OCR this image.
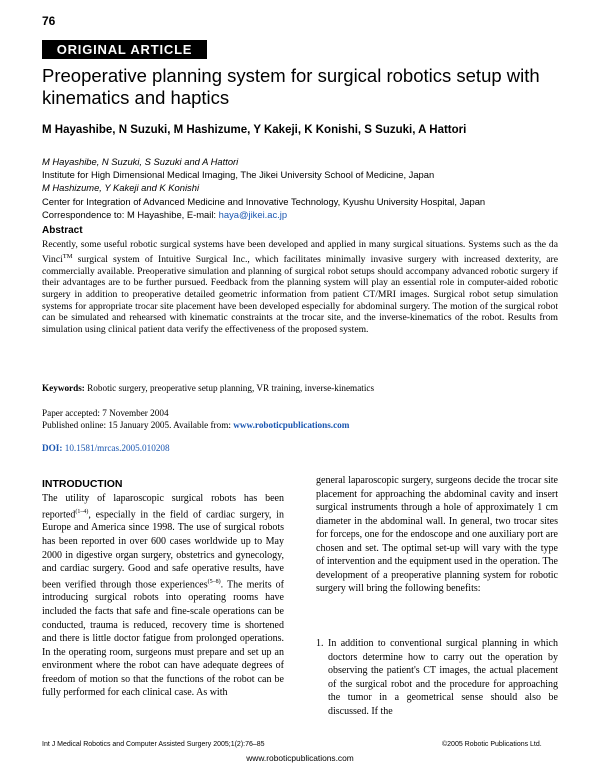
76
ORIGINAL ARTICLE
Preoperative planning system for surgical robotics setup with kinematics and haptics
M Hayashibe, N Suzuki, M Hashizume, Y Kakeji, K Konishi, S Suzuki, A Hattori
M Hayashibe, N Suzuki, S Suzuki and A Hattori
Institute for High Dimensional Medical Imaging, The Jikei University School of Medicine, Japan
M Hashizume, Y Kakeji and K Konishi
Center for Integration of Advanced Medicine and Innovative Technology, Kyushu University Hospital, Japan
Correspondence to: M Hayashibe, E-mail: haya@jikei.ac.jp
Abstract
Recently, some useful robotic surgical systems have been developed and applied in many surgical situations. Systems such as the da Vinci™ surgical system of Intuitive Surgical Inc., which facilitates minimally invasive surgery with increased dexterity, are commercially available. Preoperative simulation and planning of surgical robot setups should accompany advanced robotic surgery if their advantages are to be further pursued. Feedback from the planning system will play an essential role in computer-aided robotic surgery in addition to preoperative detailed geometric information from patient CT/MRI images. Surgical robot setup simulation systems for appropriate trocar site placement have been developed especially for abdominal surgery. The motion of the surgical robot can be simulated and rehearsed with kinematic constraints at the trocar site, and the inverse-kinematics of the robot. Results from simulation using clinical patient data verify the effectiveness of the proposed system.
Keywords: Robotic surgery, preoperative setup planning, VR training, inverse-kinematics
Paper accepted: 7 November 2004
Published online: 15 January 2005. Available from: www.roboticpublications.com
DOI: 10.1581/mrcas.2005.010208
INTRODUCTION
The utility of laparoscopic surgical robots has been reported$^{(1-4)}$, especially in the field of cardiac surgery, in Europe and America since 1998. The use of surgical robots has been reported in over 600 cases worldwide up to May 2000 in digestive organ surgery, obstetrics and gynecology, and cardiac surgery. Good and safe operative results, have been verified through those experiences$^{(5-8)}$. The merits of introducing surgical robots into operating rooms have included the facts that safe and fine-scale operations can be conducted, trauma is reduced, recovery time is shortened and there is little doctor fatigue from prolonged operations. In the operating room, surgeons must prepare and set up an environment where the robot can have adequate degrees of freedom of motion so that the functions of the robot can be fully performed for each clinical case. As with
general laparoscopic surgery, surgeons decide the trocar site placement for approaching the abdominal cavity and insert surgical instruments through a hole of approximately 1 cm diameter in the abdominal wall. In general, two trocar sites for forceps, one for the endoscope and one auxiliary port are chosen and set. The optimal set-up will vary with the type of intervention and the equipment used in the operation. The development of a preoperative planning system for robotic surgery will bring the following benefits:
1. In addition to conventional surgical planning in which doctors determine how to carry out the operation by observing the patient's CT images, the actual placement of the surgical robot and the procedure for approaching the tumor in a geometrical sense should also be discussed. If the
Int J Medical Robotics and Computer Assisted Surgery 2005;1(2):76–85	©2005 Robotic Publications Ltd.
www.roboticpublications.com
